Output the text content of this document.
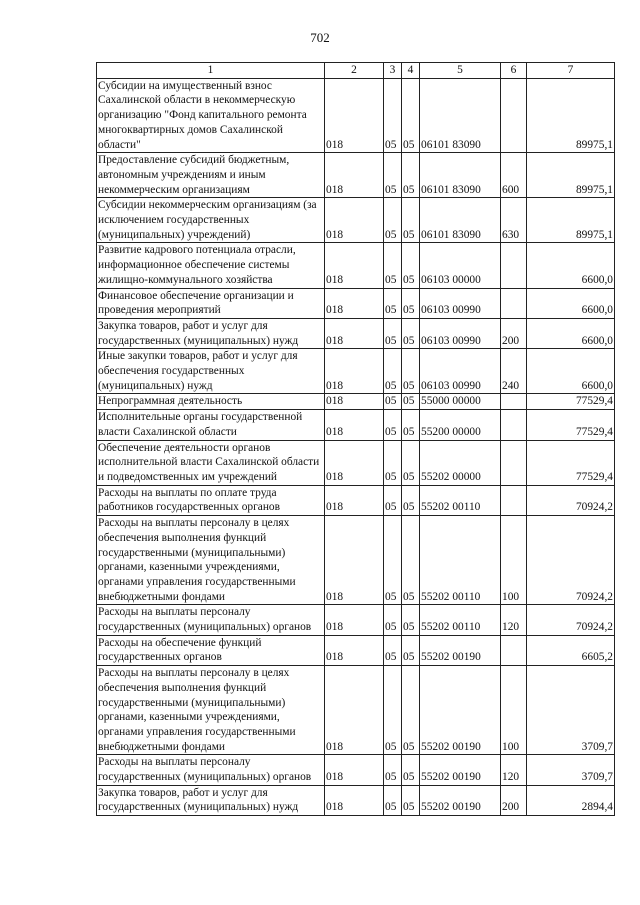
702
1	2	3	4	5	6	7
Субсидии на имущественный взнос Сахалинской области в некоммерческую организацию "Фонд капитального ремонта многоквартирных домов Сахалинской области"	018	05	05	06101 83090		89975,1
Предоставление субсидий бюджетным, автономным учреждениям и иным некоммерческим организациям	018	05	05	06101 83090	600	89975,1
Субсидии некоммерческим организациям (за исключением государственных (муниципальных) учреждений)	018	05	05	06101 83090	630	89975,1
Развитие кадрового потенциала отрасли, информационное обеспечение системы жилищно-коммунального хозяйства	018	05	05	06103 00000		6600,0
Финансовое обеспечение организации и проведения мероприятий	018	05	05	06103 00990		6600,0
Закупка товаров, работ и услуг для государственных (муниципальных) нужд	018	05	05	06103 00990	200	6600,0
Иные закупки товаров, работ и услуг для обеспечения государственных (муниципальных) нужд	018	05	05	06103 00990	240	6600,0
Непрограммная деятельность	018	05	05	55000 00000		77529,4
Исполнительные органы государственной власти Сахалинской области	018	05	05	55200 00000		77529,4
Обеспечение деятельности органов исполнительной власти Сахалинской области и подведомственных им учреждений	018	05	05	55202 00000		77529,4
Расходы на выплаты по оплате труда работников государственных органов	018	05	05	55202 00110		70924,2
Расходы на выплаты персоналу в целях обеспечения выполнения функций государственными (муниципальными) органами, казенными учреждениями, органами управления государственными внебюджетными фондами	018	05	05	55202 00110	100	70924,2
Расходы на выплаты персоналу государственных (муниципальных) органов	018	05	05	55202 00110	120	70924,2
Расходы на обеспечение функций государственных органов	018	05	05	55202 00190		6605,2
Расходы на выплаты персоналу в целях обеспечения выполнения функций государственными (муниципальными) органами, казенными учреждениями, органами управления государственными внебюджетными фондами	018	05	05	55202 00190	100	3709,7
Расходы на выплаты персоналу государственных (муниципальных) органов	018	05	05	55202 00190	120	3709,7
Закупка товаров, работ и услуг для государственных (муниципальных) нужд	018	05	05	55202 00190	200	2894,4
